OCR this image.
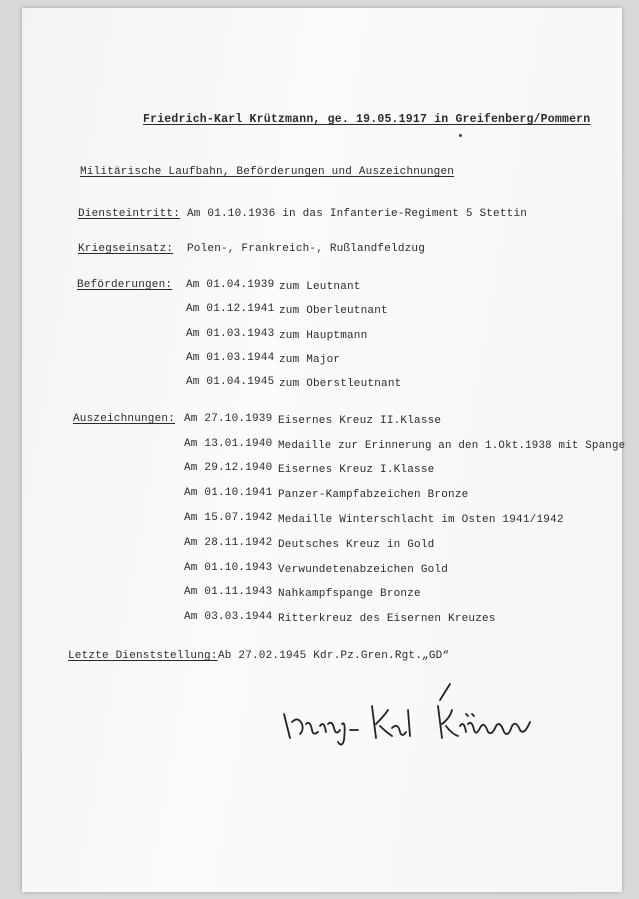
Friedrich-Karl Krützmann, ge. 19.05.1917 in Greifenberg/Pommern
Militärische Laufbahn, Beförderungen und Auszeichnungen
Diensteintritt: Am 01.10.1936 in das Infanterie-Regiment 5 Stettin
Kriegseinsatz: Polen-, Frankreich-, Rußlandfeldzug
Beförderungen: Am 01.04.1939 zum Leutnant
Am 01.12.1941 zum Oberleutnant
Am 01.03.1943 zum Hauptmann
Am 01.03.1944 zum Major
Am 01.04.1945 zum Oberstleutnant
Auszeichnungen: Am 27.10.1939 Eisernes Kreuz II.Klasse
Am 13.01.1940 Medaille zur Erinnerung an den 1.Okt.1938 mit Spange
Am 29.12.1940 Eisernes Kreuz I.Klasse
Am 01.10.1941 Panzer-Kampfabzeichen Bronze
Am 15.07.1942 Medaille Winterschlacht im Osten 1941/1942
Am 28.11.1942 Deutsches Kreuz in Gold
Am 01.10.1943 Verwundetenabzeichen Gold
Am 01.11.1943 Nahkampfspange Bronze
Am 03.03.1944 Ritterkreuz des Eisernen Kreuzes
Letzte Dienststellung: Ab 27.02.1945 Kdr.Pz.Gren.Rgt.„GD“
